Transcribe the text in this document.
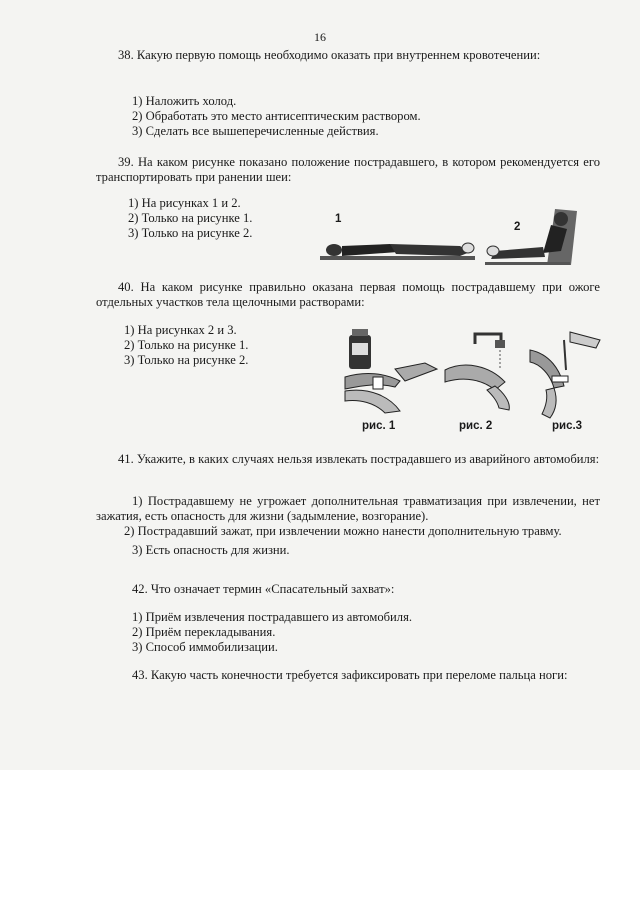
16
38. Какую первую помощь необходимо оказать при внутреннем кровотечении:
1) Наложить холод.
2) Обработать это место антисептическим раствором.
3) Сделать все вышеперечисленные действия.
39. На каком рисунке показано положение пострадавшего, в котором рекомендуется его транспортировать при ранении шеи:
1) На рисунках 1 и 2.
2) Только на рисунке 1.
3) Только на рисунке 2.
1
2
40. На каком рисунке правильно оказана первая помощь пострадавшему при ожоге отдельных участков тела щелочными растворами:
1) На рисунках 2 и 3.
2) Только на рисунке 1.
3) Только на рисунке 2.
рис. 1	рис. 2	рис.3
41. Укажите, в каких случаях нельзя извлекать пострадавшего из аварийного автомобиля:
1) Пострадавшему не угрожает дополнительная травматизация при извлечении, нет зажатия, есть опасность для жизни (задымление, возгорание).
2) Пострадавший зажат, при извлечении можно нанести дополнительную травму.
3) Есть опасность для жизни.
42. Что означает термин «Спасательный захват»:
1) Приём извлечения пострадавшего из автомобиля.
2) Приём перекладывания.
3) Способ иммобилизации.
43. Какую часть конечности требуется зафиксировать при переломе пальца ноги:
